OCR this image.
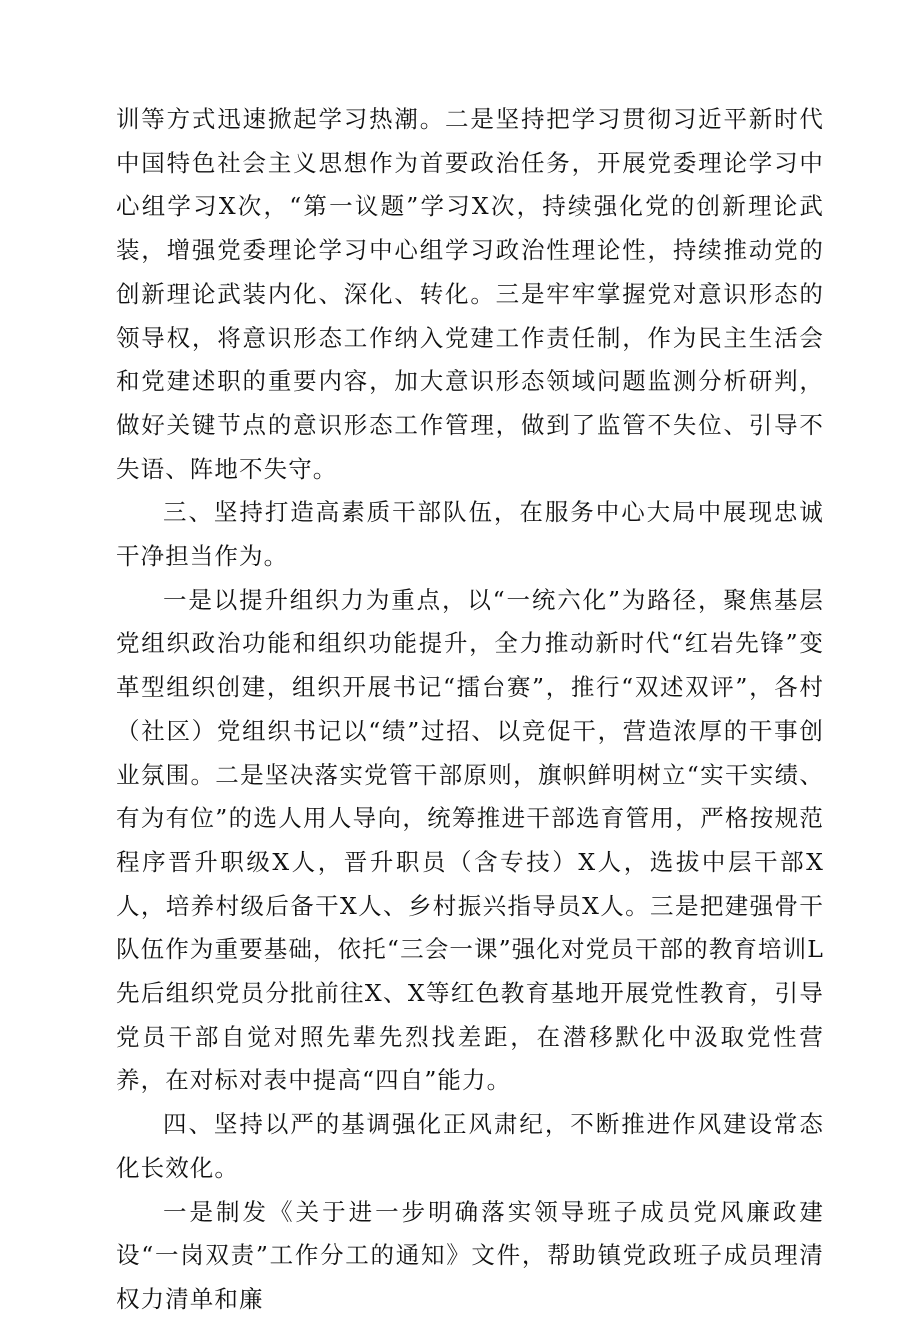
训等方式迅速掀起学习热潮。二是坚持把学习贯彻习近平新时代中国特色社会主义思想作为首要政治任务，开展党委理论学习中心组学习X次，“第一议题”学习X次，持续强化党的创新理论武装，增强党委理论学习中心组学习政治性理论性，持续推动党的创新理论武装内化、深化、转化。三是牢牢掌握党对意识形态的领导权，将意识形态工作纳入党建工作责任制，作为民主生活会和党建述职的重要内容，加大意识形态领域问题监测分析研判，做好关键节点的意识形态工作管理，做到了监管不失位、引导不失语、阵地不失守。

三、坚持打造高素质干部队伍，在服务中心大局中展现忠诚干净担当作为。

一是以提升组织力为重点，以“一统六化”为路径，聚焦基层党组织政治功能和组织功能提升，全力推动新时代“红岩先锋”变革型组织创建，组织开展书记“擂台赛”，推行“双述双评”，各村（社区）党组织书记以“绩”过招、以竞促干，营造浓厚的干事创业氛围。二是坚决落实党管干部原则，旗帜鲜明树立“实干实绩、有为有位”的选人用人导向，统筹推进干部选育管用，严格按规范程序晋升职级X人，晋升职员（含专技）X人，选拔中层干部X人，培养村级后备干X人、乡村振兴指导员X人。三是把建强骨干队伍作为重要基础，依托“三会一课”强化对党员干部的教育培训L先后组织党员分批前往X、X等红色教育基地开展党性教育，引导党员干部自觉对照先辈先烈找差距，在潜移默化中汲取党性营养，在对标对表中提高“四自”能力。

四、坚持以严的基调强化正风肃纪，不断推进作风建设常态化长效化。

一是制发《关于进一步明确落实领导班子成员党风廉政建设“一岗双责”工作分工的通知》文件，帮助镇党政班子成员理清权力清单和廉
